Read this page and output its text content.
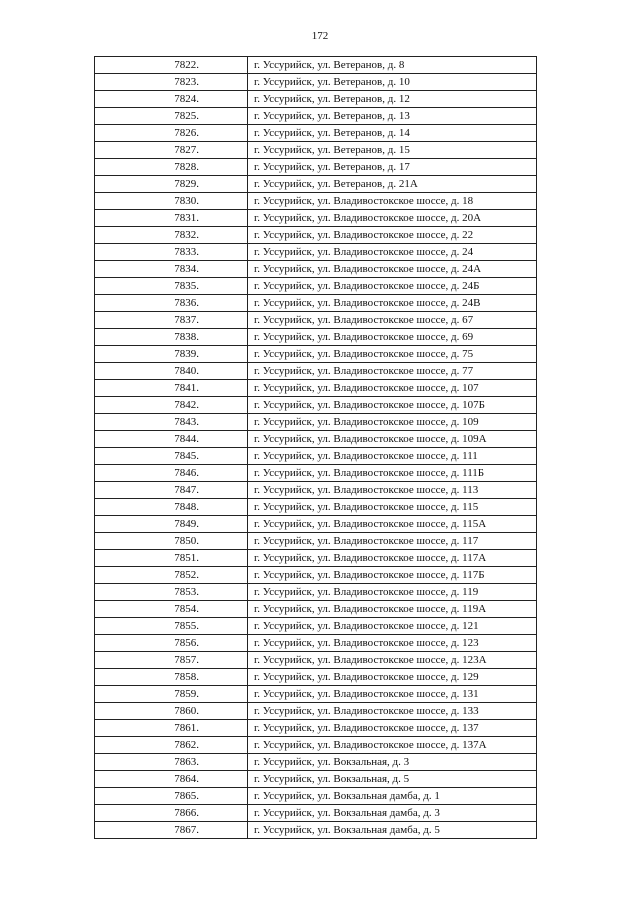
172
7822.	г. Уссурийск, ул. Ветеранов, д. 8
7823.	г. Уссурийск, ул. Ветеранов, д. 10
7824.	г. Уссурийск, ул. Ветеранов, д. 12
7825.	г. Уссурийск, ул. Ветеранов, д. 13
7826.	г. Уссурийск, ул. Ветеранов, д. 14
7827.	г. Уссурийск, ул. Ветеранов, д. 15
7828.	г. Уссурийск, ул. Ветеранов, д. 17
7829.	г. Уссурийск, ул. Ветеранов, д. 21А
7830.	г. Уссурийск, ул. Владивостокское шоссе, д. 18
7831.	г. Уссурийск, ул. Владивостокское шоссе, д. 20А
7832.	г. Уссурийск, ул. Владивостокское шоссе, д. 22
7833.	г. Уссурийск, ул. Владивостокское шоссе, д. 24
7834.	г. Уссурийск, ул. Владивостокское шоссе, д. 24А
7835.	г. Уссурийск, ул. Владивостокское шоссе, д. 24Б
7836.	г. Уссурийск, ул. Владивостокское шоссе, д. 24В
7837.	г. Уссурийск, ул. Владивостокское шоссе, д. 67
7838.	г. Уссурийск, ул. Владивостокское шоссе, д. 69
7839.	г. Уссурийск, ул. Владивостокское шоссе, д. 75
7840.	г. Уссурийск, ул. Владивостокское шоссе, д. 77
7841.	г. Уссурийск, ул. Владивостокское шоссе, д. 107
7842.	г. Уссурийск, ул. Владивостокское шоссе, д. 107Б
7843.	г. Уссурийск, ул. Владивостокское шоссе, д. 109
7844.	г. Уссурийск, ул. Владивостокское шоссе, д. 109А
7845.	г. Уссурийск, ул. Владивостокское шоссе, д. 111
7846.	г. Уссурийск, ул. Владивостокское шоссе, д. 111Б
7847.	г. Уссурийск, ул. Владивостокское шоссе, д. 113
7848.	г. Уссурийск, ул. Владивостокское шоссе, д. 115
7849.	г. Уссурийск, ул. Владивостокское шоссе, д. 115А
7850.	г. Уссурийск, ул. Владивостокское шоссе, д. 117
7851.	г. Уссурийск, ул. Владивостокское шоссе, д. 117А
7852.	г. Уссурийск, ул. Владивостокское шоссе, д. 117Б
7853.	г. Уссурийск, ул. Владивостокское шоссе, д. 119
7854.	г. Уссурийск, ул. Владивостокское шоссе, д. 119А
7855.	г. Уссурийск, ул. Владивостокское шоссе, д. 121
7856.	г. Уссурийск, ул. Владивостокское шоссе, д. 123
7857.	г. Уссурийск, ул. Владивостокское шоссе, д. 123А
7858.	г. Уссурийск, ул. Владивостокское шоссе, д. 129
7859.	г. Уссурийск, ул. Владивостокское шоссе, д. 131
7860.	г. Уссурийск, ул. Владивостокское шоссе, д. 133
7861.	г. Уссурийск, ул. Владивостокское шоссе, д. 137
7862.	г. Уссурийск, ул. Владивостокское шоссе, д. 137А
7863.	г. Уссурийск, ул. Вокзальная, д. 3
7864.	г. Уссурийск, ул. Вокзальная, д. 5
7865.	г. Уссурийск, ул. Вокзальная дамба, д. 1
7866.	г. Уссурийск, ул. Вокзальная дамба, д. 3
7867.	г. Уссурийск, ул. Вокзальная дамба, д. 5
